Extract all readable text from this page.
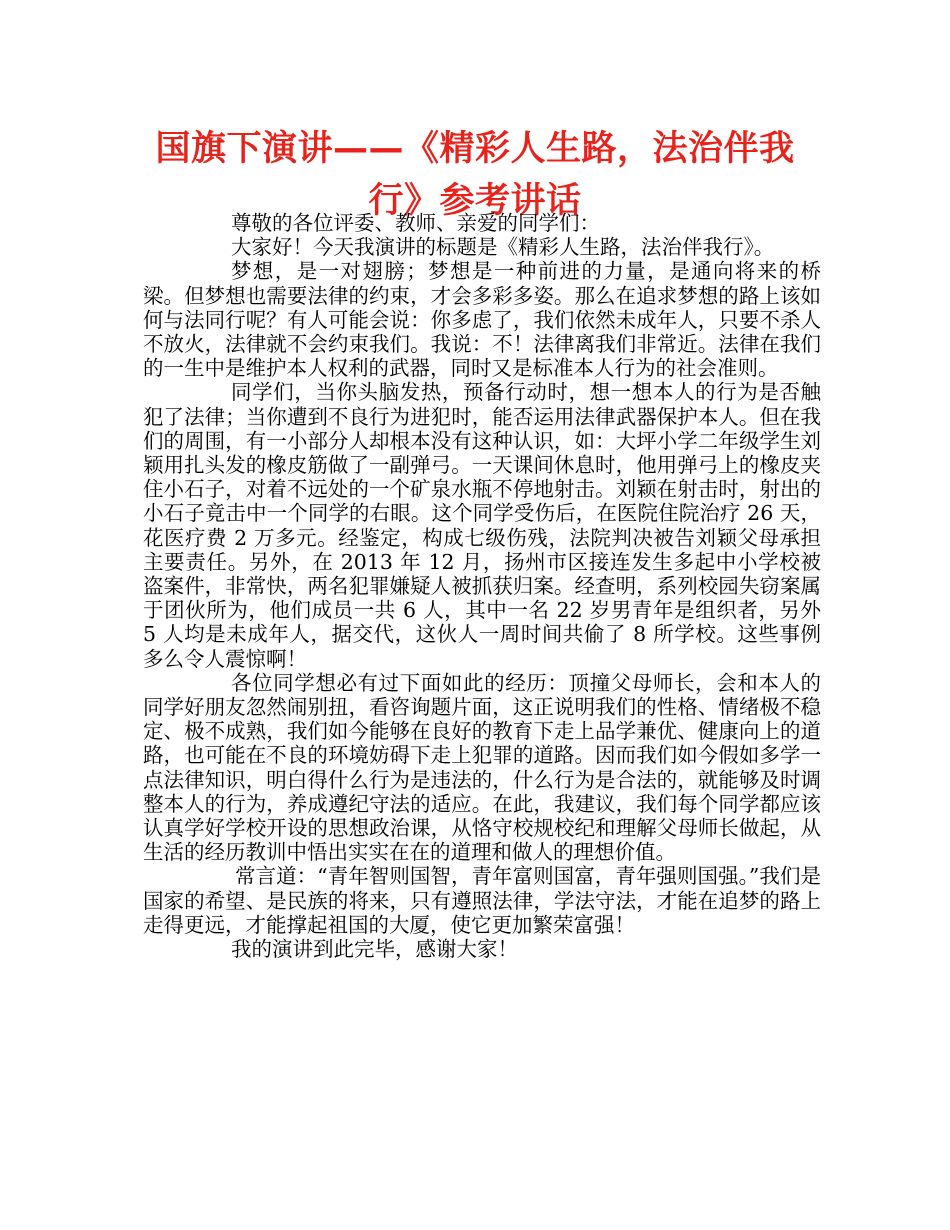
国旗下演讲——《精彩人生路，法治伴我行》参考讲话

尊敬的各位评委、教师、亲爱的同学们：

大家好！今天我演讲的标题是《精彩人生路，法治伴我行》。

梦想，是一对翅膀；梦想是一种前进的力量，是通向将来的桥梁。但梦想也需要法律的约束，才会多彩多姿。那么在追求梦想的路上该如何与法同行呢？有人可能会说：你多虑了，我们依然未成年人，只要不杀人不放火，法律就不会约束我们。我说：不！法律离我们非常近。法律在我们的一生中是维护本人权利的武器，同时又是标准本人行为的社会准则。

同学们，当你头脑发热，预备行动时，想一想本人的行为是否触犯了法律；当你遭到不良行为进犯时，能否运用法律武器保护本人。但在我们的周围，有一小部分人却根本没有这种认识，如：大坪小学二年级学生刘颖用扎头发的橡皮筋做了一副弹弓。一天课间休息时，他用弹弓上的橡皮夹住小石子，对着不远处的一个矿泉水瓶不停地射击。刘颖在射击时，射出的小石子竟击中一个同学的右眼。这个同学受伤后，在医院住院治疗 26 天，花医疗费 2 万多元。经鉴定，构成七级伤残，法院判决被告刘颖父母承担主要责任。另外，在 2013 年 12 月，扬州市区接连发生多起中小学校被盗案件，非常快，两名犯罪嫌疑人被抓获归案。经查明，系列校园失窃案属于团伙所为，他们成员一共 6 人，其中一名 22 岁男青年是组织者，另外 5 人均是未成年人，据交代，这伙人一周时间共偷了 8 所学校。这些事例多么令人震惊啊！

各位同学想必有过下面如此的经历：顶撞父母师长，会和本人的同学好朋友忽然闹别扭，看咨询题片面，这正说明我们的性格、情绪极不稳定、极不成熟，我们如今能够在良好的教育下走上品学兼优、健康向上的道路，也可能在不良的环境妨碍下走上犯罪的道路。因而我们如今假如多学一点法律知识，明白得什么行为是违法的，什么行为是合法的，就能够及时调整本人的行为，养成遵纪守法的适应。在此，我建议，我们每个同学都应该认真学好学校开设的思想政治课，从恪守校规校纪和理解父母师长做起，从生活的经历教训中悟出实实在在的道理和做人的理想价值。

常言道：“青年智则国智，青年富则国富，青年强则国强。”我们是国家的希望、是民族的将来，只有遵照法律，学法守法，才能在追梦的路上走得更远，才能撑起祖国的大厦，使它更加繁荣富强！

我的演讲到此完毕，感谢大家！
